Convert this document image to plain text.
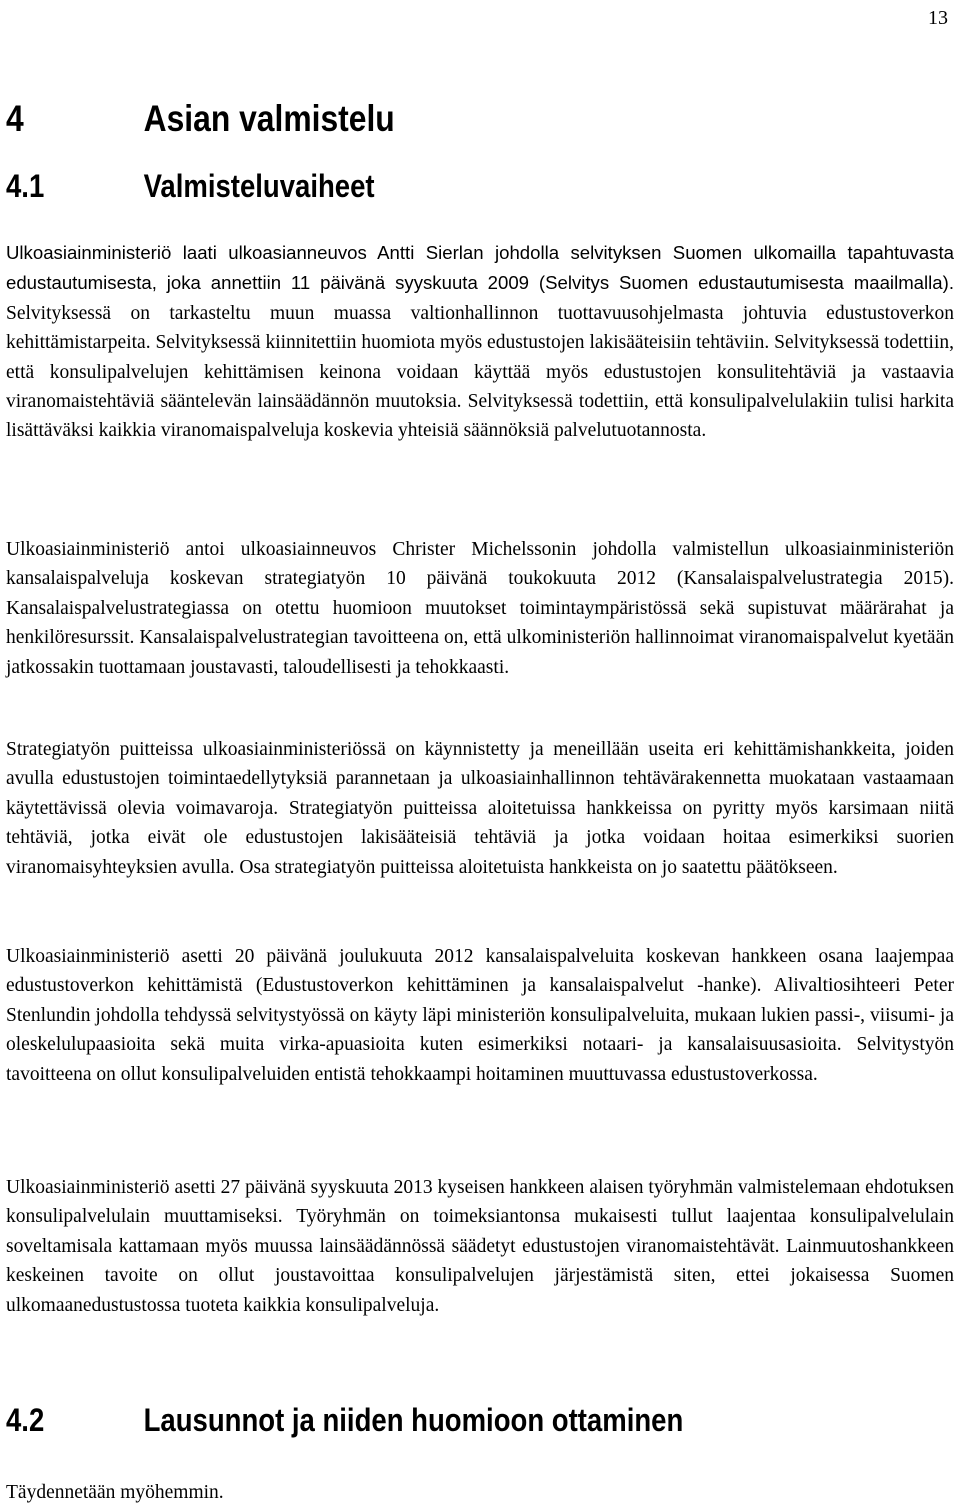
13
4	Asian valmistelu
4.1	Valmisteluvaiheet

Ulkoasiainministeriö laati ulkoasianneuvos Antti Sierlan johdolla selvityksen Suomen ulkomailla tapahtuvasta edustautumisesta, joka annettiin 11 päivänä syyskuuta 2009 (Selvitys Suomen edustautumisesta maailmalla). Selvityksessä on tarkasteltu muun muassa valtionhallinnon tuottavuusohjelmasta johtuvia edustustoverkon kehittämistarpeita. Selvityksessä kiinnitettiin huomiota myös edustustojen lakisääteisiin tehtäviin. Selvityksessä todettiin, että konsulipalvelujen kehittämisen keinona voidaan käyttää myös edustustojen konsulitehtäviä ja vastaavia viranomaistehtäviä sääntelevän lainsäädännön muutoksia. Selvityksessä todettiin, että konsulipalvelulakiin tulisi harkita lisättäväksi kaikkia viranomaispalveluja koskevia yhteisiä säännöksiä palvelutuotannosta.

Ulkoasiainministeriö antoi ulkoasiainneuvos Christer Michelssonin johdolla valmistellun ulkoasiainministeriön kansalaispalveluja koskevan strategiatyön 10 päivänä toukokuuta 2012 (Kansalaispalvelustrategia 2015). Kansalaispalvelustrategiassa on otettu huomioon muutokset toimintaympäristössä sekä supistuvat määrärahat ja henkilöresurssit. Kansalaispalvelustrategian tavoitteena on, että ulkoministeriön hallinnoimat viranomaispalvelut kyetään jatkossakin tuottamaan joustavasti, taloudellisesti ja tehokkaasti.

Strategiatyön puitteissa ulkoasiainministeriössä on käynnistetty ja meneillään useita eri kehittämishankkeita, joiden avulla edustustojen toimintaedellytyksiä parannetaan ja ulkoasiainhallinnon tehtävärakennetta muokataan vastaamaan käytettävissä olevia voimavaroja. Strategiatyön puitteissa aloitetuissa hankkeissa on pyritty myös karsimaan niitä tehtäviä, jotka eivät ole edustustojen lakisääteisiä tehtäviä ja jotka voidaan hoitaa esimerkiksi suorien viranomaisyhteyksien avulla. Osa strategiatyön puitteissa aloitetuista hankkeista on jo saatettu päätökseen.

Ulkoasiainministeriö asetti 20 päivänä joulukuuta 2012 kansalaispalveluita koskevan hankkeen osana laajempaa edustustoverkon kehittämistä (Edustustoverkon kehittäminen ja kansalaispalvelut -hanke). Alivaltiosihteeri Peter Stenlundin johdolla tehdyssä selvitystyössä on käyty läpi ministeriön konsulipalveluita, mukaan lukien passi-, viisumi- ja oleskelulupaasioita sekä muita virka-apuasioita kuten esimerkiksi notaari- ja kansalaisuusasioita. Selvitystyön tavoitteena on ollut konsulipalveluiden entistä tehokkaampi hoitaminen muuttuvassa edustustoverkossa.

Ulkoasiainministeriö asetti 27 päivänä syyskuuta 2013 kyseisen hankkeen alaisen työryhmän valmistelemaan ehdotuksen konsulipalvelulain muuttamiseksi. Työryhmän on toimeksiantonsa mukaisesti tullut laajentaa konsulipalvelulain soveltamisala kattamaan myös muussa lainsäädännössä säädetyt edustustojen viranomaistehtävät. Lainmuutoshankkeen keskeinen tavoite on ollut joustavoittaa konsulipalvelujen järjestämistä siten, ettei jokaisessa Suomen ulkomaanedustustossa tuoteta kaikkia konsulipalveluja.

4.2	Lausunnot ja niiden huomioon ottaminen

Täydennetään myöhemmin.
